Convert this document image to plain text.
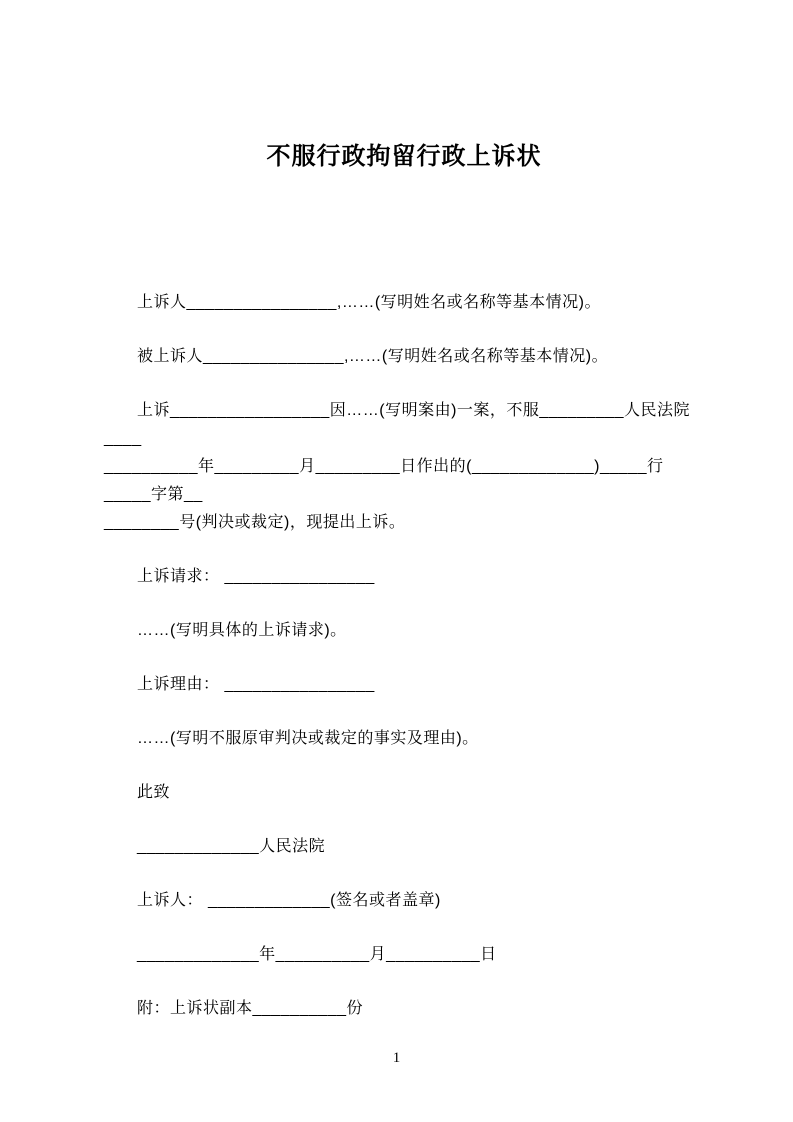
不服行政拘留行政上诉状

上诉人________________,……(写明姓名或名称等基本情况)。

被上诉人_______________,……(写明姓名或名称等基本情况)。

上诉_________________因……(写明案由)一案，不服_________人民法院____

__________年_________月_________日作出的(_____________)_____行_____字第__

________号(判决或裁定)，现提出上诉。

上诉请求： ________________

……(写明具体的上诉请求)。

上诉理由： ________________

……(写明不服原审判决或裁定的事实及理由)。

此致

_____________人民法院

上诉人： _____________(签名或者盖章)

_____________年__________月__________日

附：上诉状副本__________份

1
